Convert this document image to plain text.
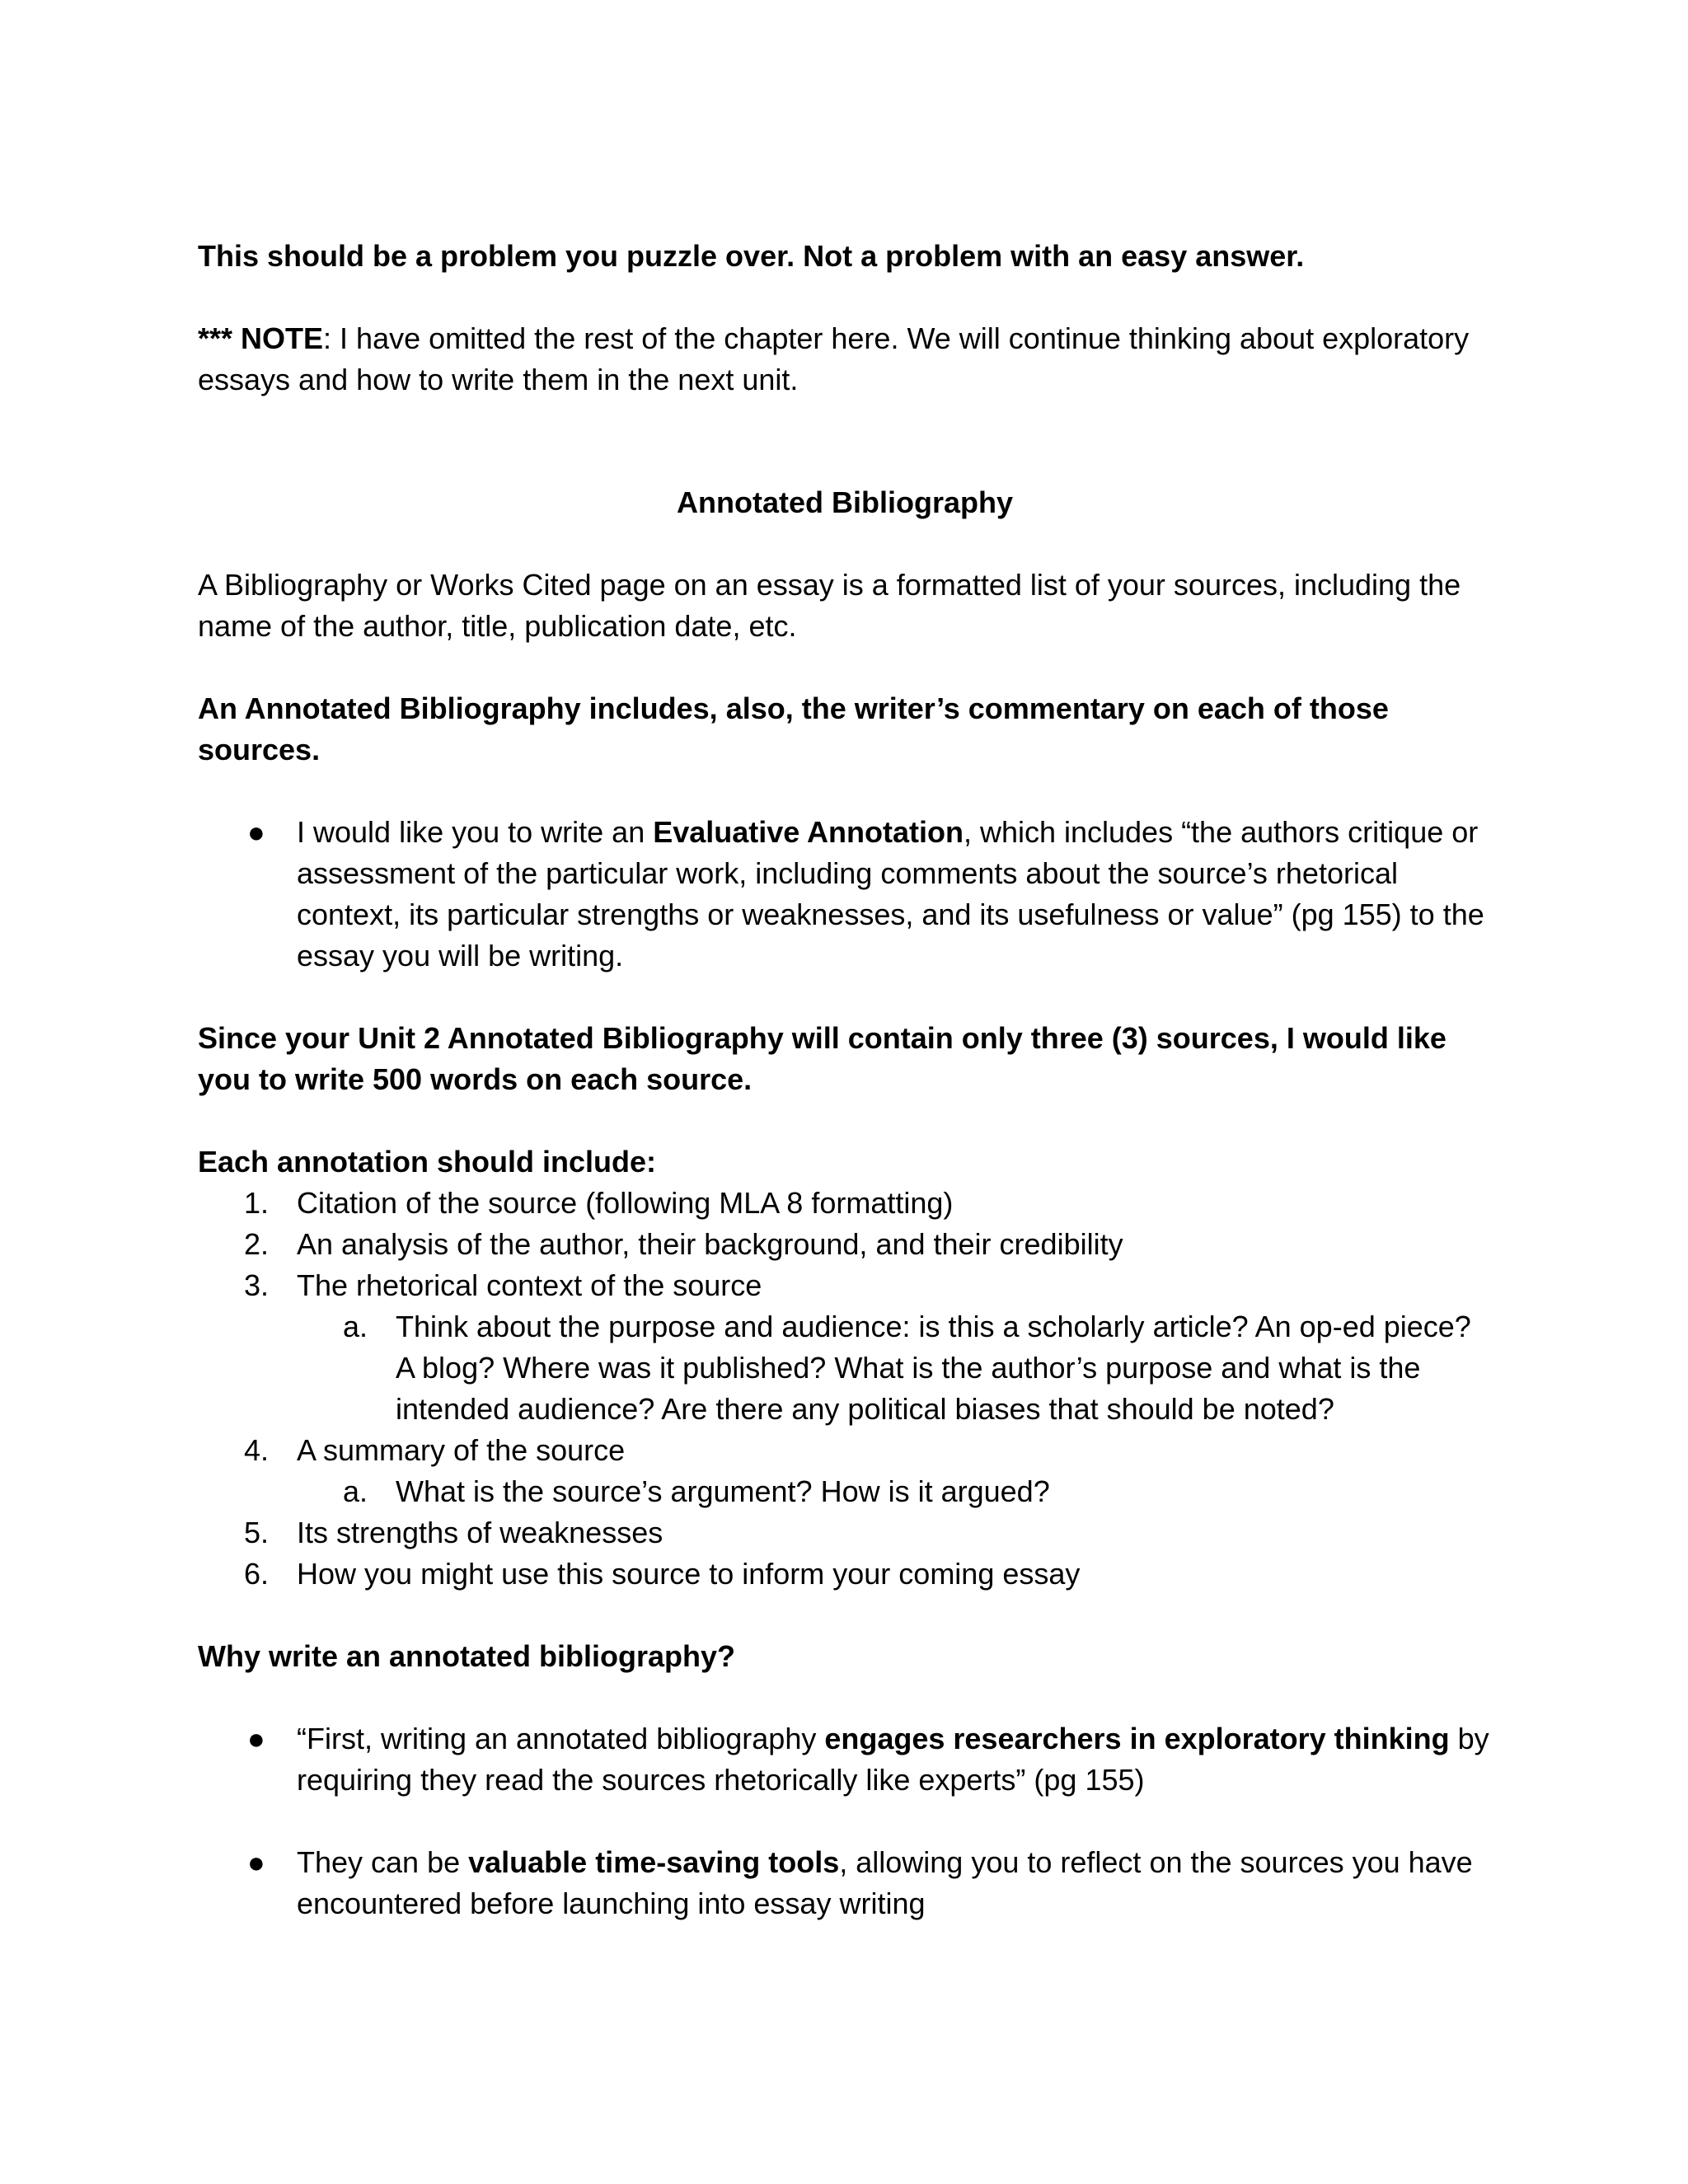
This should be a problem you puzzle over. Not a problem with an easy answer.

*** NOTE: I have omitted the rest of the chapter here. We will continue thinking about exploratory essays and how to write them in the next unit.

Annotated Bibliography

A Bibliography or Works Cited page on an essay is a formatted list of your sources, including the name of the author, title, publication date, etc.

An Annotated Bibliography includes, also, the writer’s commentary on each of those sources.

● I would like you to write an Evaluative Annotation, which includes “the authors critique or assessment of the particular work, including comments about the source’s rhetorical context, its particular strengths or weaknesses, and its usefulness or value” (pg 155) to the essay you will be writing.

Since your Unit 2 Annotated Bibliography will contain only three (3) sources, I would like you to write 500 words on each source.

Each annotation should include:

1. Citation of the source (following MLA 8 formatting)
2. An analysis of the author, their background, and their credibility
3. The rhetorical context of the source
a. Think about the purpose and audience: is this a scholarly article? An op-ed piece? A blog? Where was it published? What is the author’s purpose and what is the intended audience? Are there any political biases that should be noted?
4. A summary of the source
a. What is the source’s argument? How is it argued?
5. Its strengths of weaknesses
6. How you might use this source to inform your coming essay

Why write an annotated bibliography?

● “First, writing an annotated bibliography engages researchers in exploratory thinking by requiring they read the sources rhetorically like experts” (pg 155)
● They can be valuable time-saving tools, allowing you to reflect on the sources you have encountered before launching into essay writing
